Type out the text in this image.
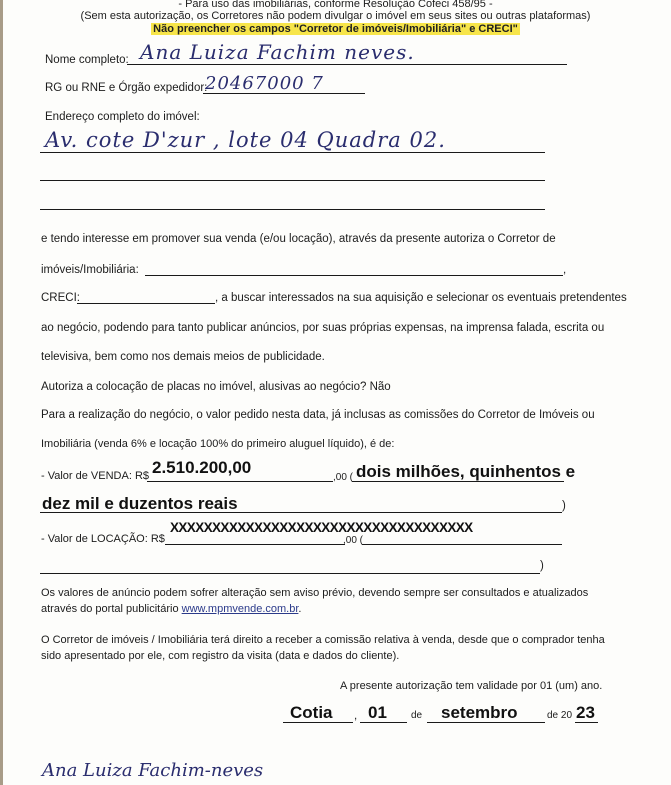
- Para uso das imobiliárias, conforme Resolução Cofeci 458/95 -
(Sem esta autorização, os Corretores não podem divulgar o imóvel em seus sites ou outras plataformas)
Não preencher os campos "Corretor de imóveis/Imobiliária" e CRECI"
Nome completo: Ana Luiza Fachim neves.
RG ou RNE e Órgão expedidor:
20467000 7
Endereço completo do imóvel:
Av. cote D'zur , lote 04 Quadra 02.
e tendo interesse em promover sua venda (e/ou locação), através da presente autoriza o Corretor de
imóveis/Imobiliária:	,
CRECI:	, a buscar interessados na sua aquisição e selecionar os eventuais pretendentes
ao negócio, podendo para tanto publicar anúncios, por suas próprias expensas, na imprensa falada, escrita ou
televisiva, bem como nos demais meios de publicidade.
Autoriza a colocação de placas no imóvel, alusivas ao negócio? Não
Para a realização do negócio, o valor pedido nesta data, já inclusas as comissões do Corretor de Imóveis ou
Imobiliária (venda 6% e locação 100% do primeiro aluguel líquido), é de:
- Valor de VENDA: R$ 2.510.200,00
,00 ( dois milhões, quinhentos e
dez mil e duzentos reais	)
- Valor de LOCAÇÃO: R$
XXXXXXXXXXXXXXXXXXXXXXXXXXXXXXXXXXXX
,00 (
)
Os valores de anúncio podem sofrer alteração sem aviso prévio, devendo sempre ser consultados e atualizados
através do portal publicitário www.mpmvende.com.br.
O Corretor de imóveis / Imobiliária terá direito a receber a comissão relativa à venda, desde que o comprador tenha
sido apresentado por ele, com registro da visita (data e dados do cliente).
A presente autorização tem validade por 01 (um) ano.
Cotia , 01 de setembro	de 20 23
Ana Luiza Fachim-neves
